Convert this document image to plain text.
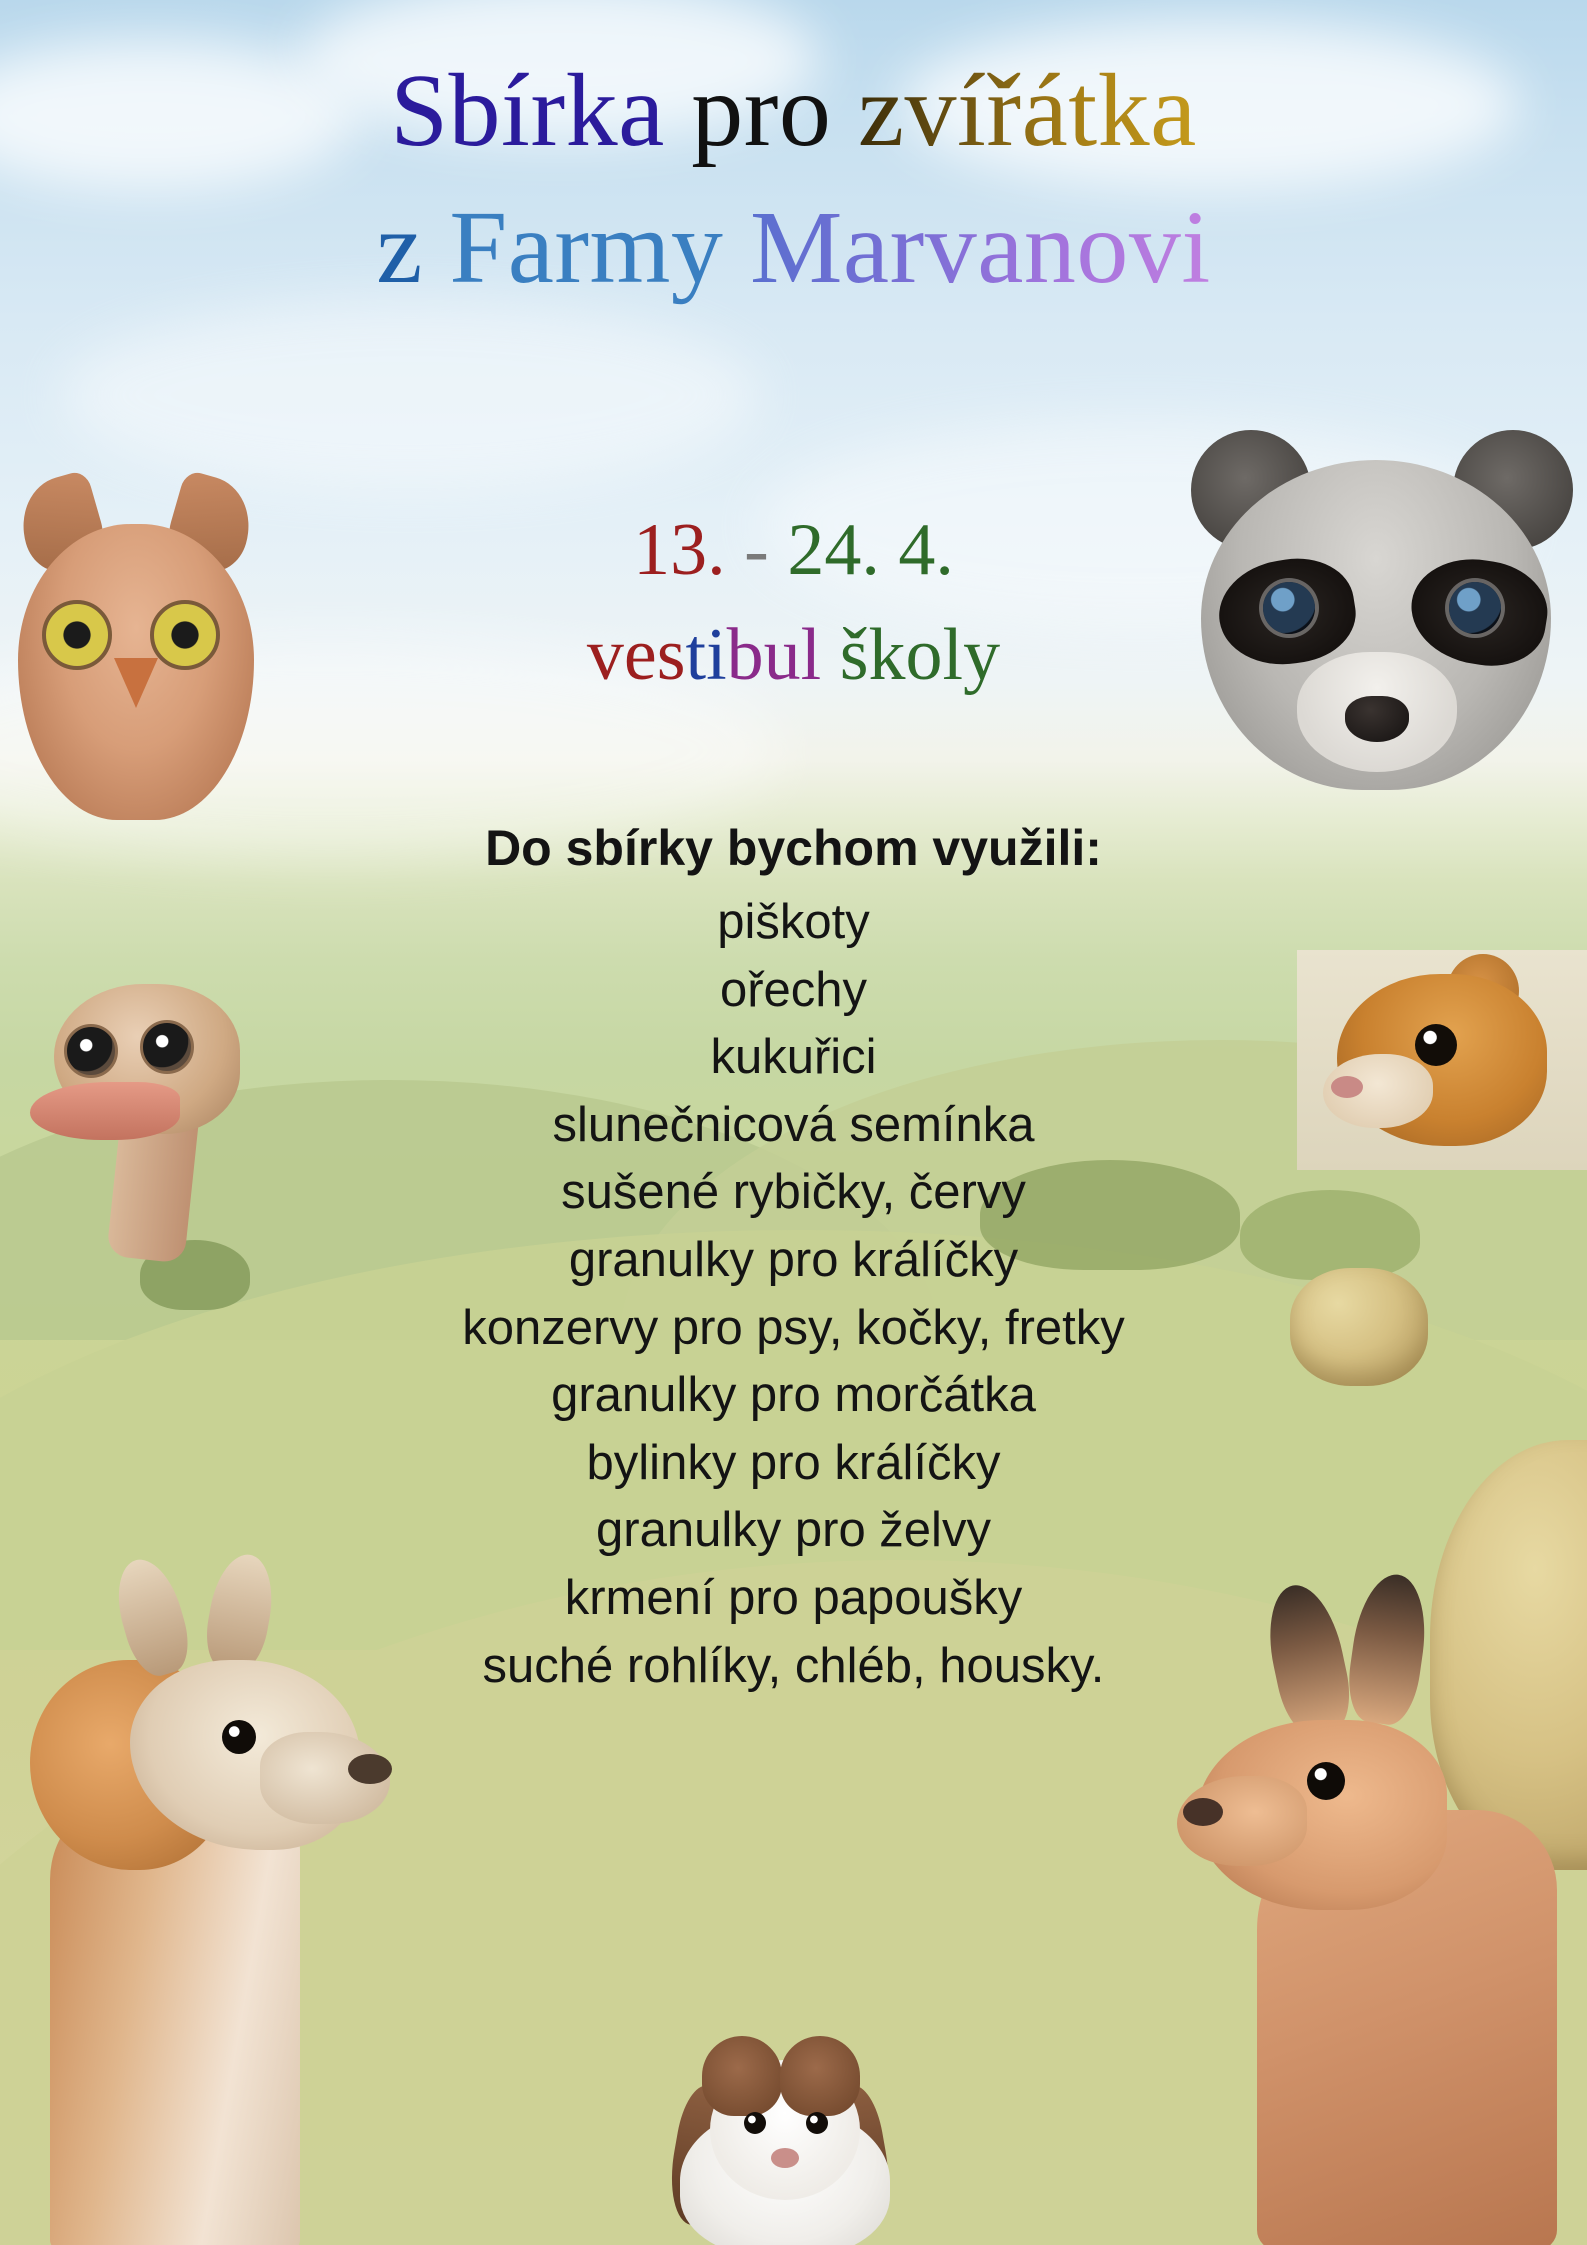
Sbírka pro zvířátka
z Farmy Marvanovi
13. - 24. 4.
vestibul školy
Do sbírky bychom využili:
piškoty
ořechy
kukuřici
slunečnicová semínka
sušené rybičky, červy
granulky pro králíčky
konzervy pro psy, kočky, fretky
granulky pro morčátka
bylinky pro králíčky
granulky pro želvy
krmení pro papoušky
suché rohlíky, chléb, housky.
